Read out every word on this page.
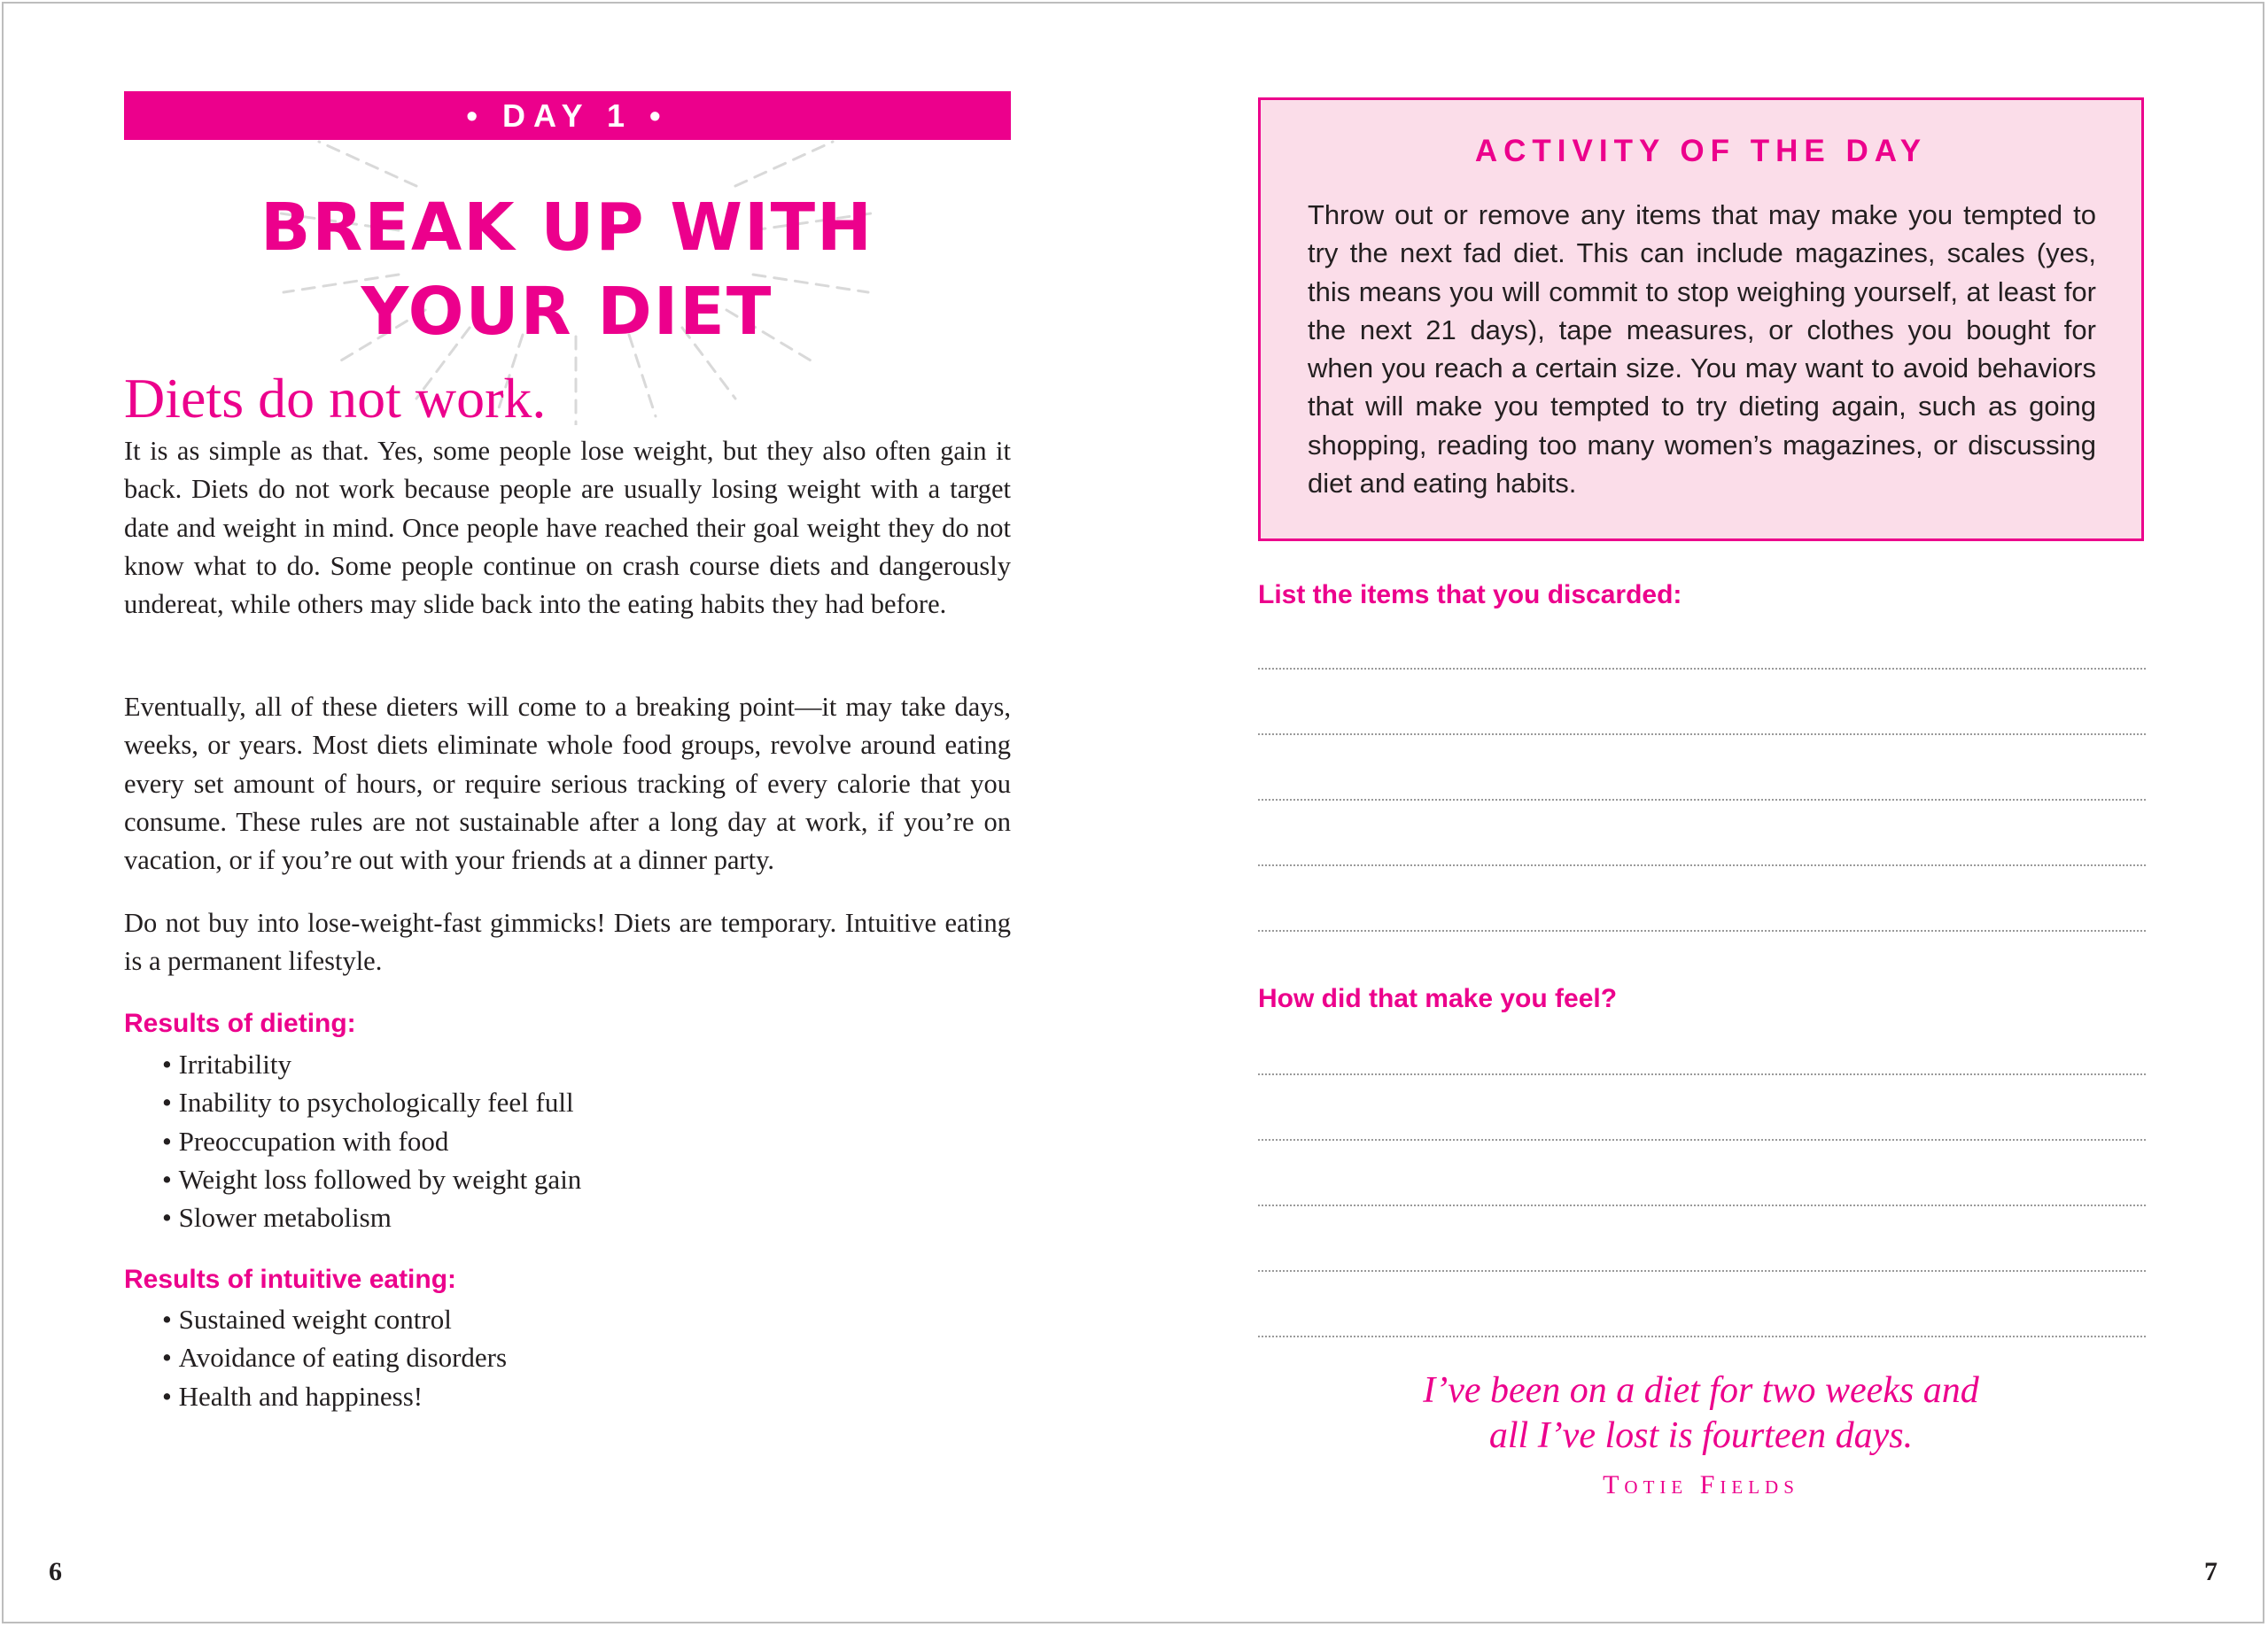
• DAY 1 •
BREAK UP WITH
YOUR DIET
Diets do not work.
It is as simple as that. Yes, some people lose weight, but they also often gain it back. Diets do not work because people are usually losing weight with a target date and weight in mind. Once people have reached their goal weight they do not know what to do. Some people continue on crash course diets and dangerously undereat, while others may slide back into the eating habits they had before.
Eventually, all of these dieters will come to a breaking point—it may take days, weeks, or years. Most diets eliminate whole food groups, revolve around eating every set amount of hours, or require serious tracking of every calorie that you consume. These rules are not sustainable after a long day at work, if you’re on vacation, or if you’re out with your friends at a dinner party.
Do not buy into lose-weight-fast gimmicks! Diets are temporary. Intuitive eating is a permanent lifestyle.
Results of dieting:
• Irritability
• Inability to psychologically feel full
• Preoccupation with food
• Weight loss followed by weight gain
• Slower metabolism
Results of intuitive eating:
• Sustained weight control
• Avoidance of eating disorders
• Health and happiness!
6
ACTIVITY OF THE DAY
Throw out or remove any items that may make you tempted to try the next fad diet. This can include magazines, scales (yes, this means you will commit to stop weighing yourself, at least for the next 21 days), tape measures, or clothes you bought for when you reach a certain size. You may want to avoid behaviors that will make you tempted to try dieting again, such as going shopping, reading too many women’s magazines, or discussing diet and eating habits.
List the items that you discarded:
How did that make you feel?
I’ve been on a diet for two weeks and
all I’ve lost is fourteen days.
Totie Fields
7
